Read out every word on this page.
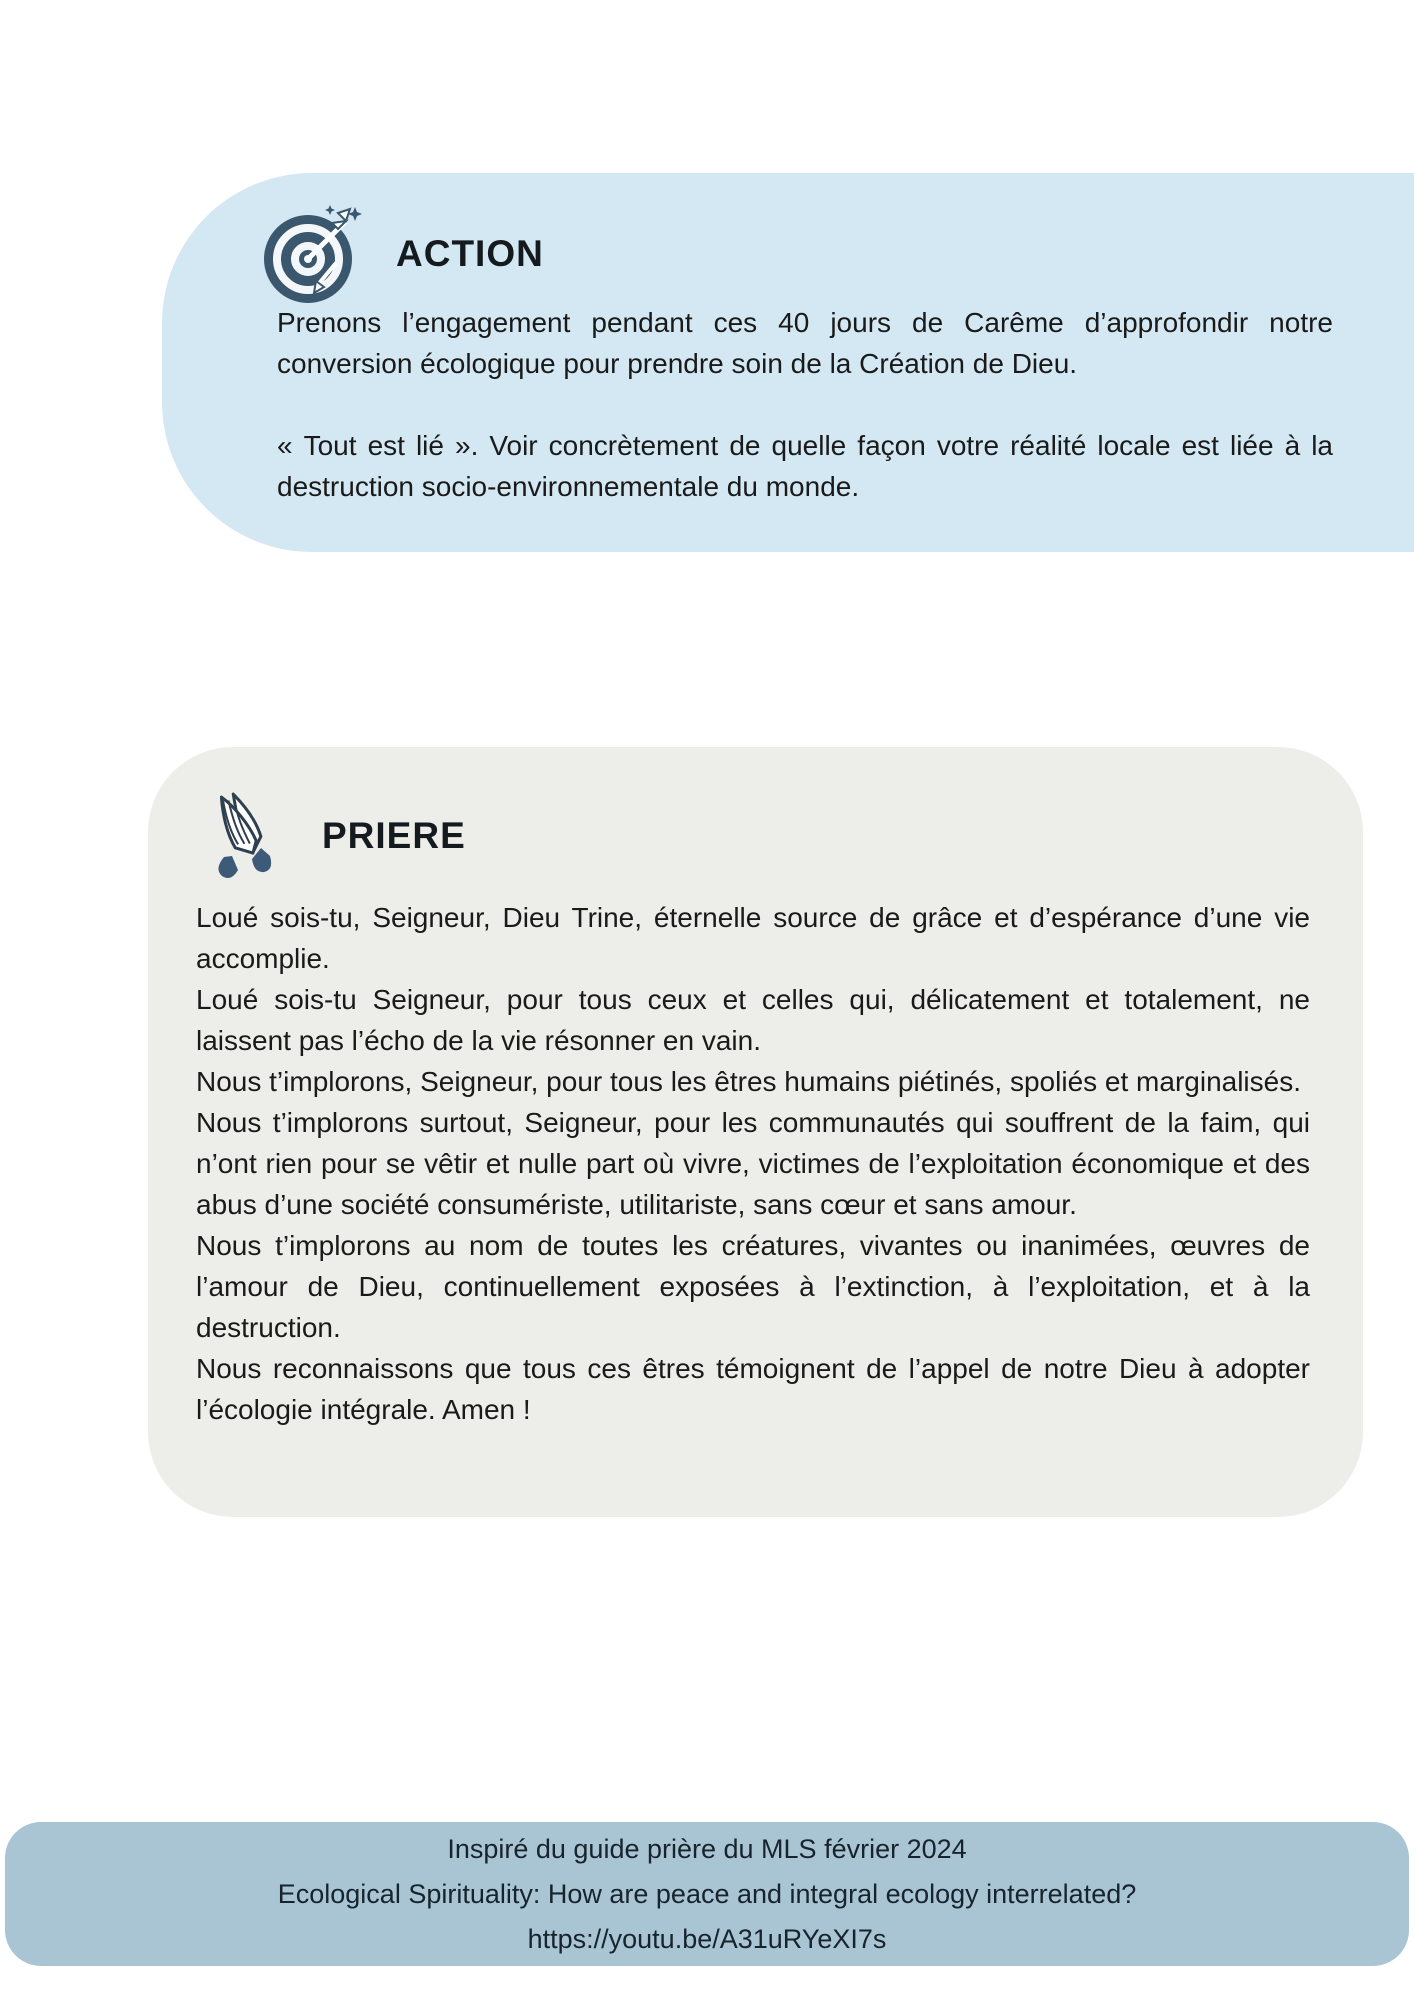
ACTION

Prenons l’engagement pendant ces 40 jours de Carême d’approfondir notre conversion écologique pour prendre soin de la Création de Dieu.

« Tout est lié ». Voir concrètement de quelle façon votre réalité locale est liée à la destruction socio-environnementale du monde.

PRIERE

Loué sois-tu, Seigneur, Dieu Trine, éternelle source de grâce et d’espérance d’une vie accomplie.

Loué sois-tu Seigneur, pour tous ceux et celles qui, délicatement et totalement, ne laissent pas l’écho de la vie résonner en vain.

Nous t’implorons, Seigneur, pour tous les êtres humains piétinés, spoliés et marginalisés.

Nous t’implorons surtout, Seigneur, pour les communautés qui souffrent de la faim, qui n’ont rien pour se vêtir et nulle part où vivre, victimes de l’exploitation économique et des abus d’une société consumériste, utilitariste, sans cœur et sans amour.

Nous t’implorons au nom de toutes les créatures, vivantes ou inanimées, œuvres de l’amour de Dieu, continuellement exposées à l’extinction, à l’exploitation, et à la destruction.

Nous reconnaissons que tous ces êtres témoignent de l’appel de notre Dieu à adopter l’écologie intégrale. Amen !

Inspiré du guide prière du MLS février 2024
Ecological Spirituality: How are peace and integral ecology interrelated?
https://youtu.be/A31uRYeXI7s
